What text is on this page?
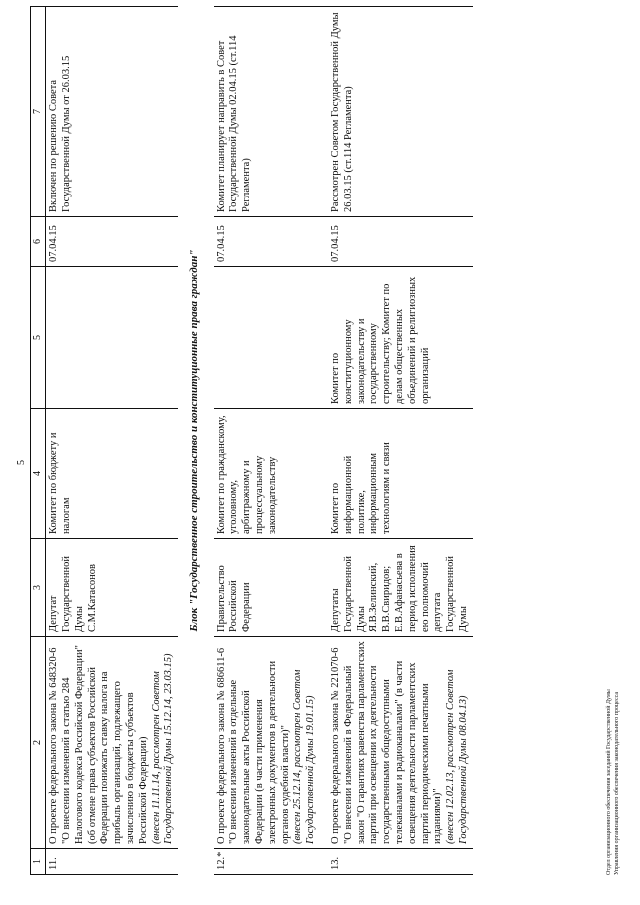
5
1	2	3	4	5	6	7
11.	О проекте федерального закона № 648320-6 "О внесении изменений в статью 284 Налогового кодекса Российской Федерации" (об отмене права субъектов Российской Федерации понижать ставку налога на прибыль организаций, подлежащего зачислению в бюджеты субъектов Российской Федерации) (внесен 11.11.14, рассмотрен Советом Государственной Думы 15.12.14, 23.03.15)	Депутат Государственной Думы С.М.Катасонов	Комитет по бюджету и налогам		07.04.15	Включен по решению Совета Государственной Думы от 26.03.15
Блок "Государственное строительство и конституционные права граждан"						
12.*	О проекте федерального закона № 686611-6 "О внесении изменений в отдельные законодательные акты Российской Федерации (в части применения электронных документов в деятельности органов судебной власти)" (внесен 25.12.14, рассмотрен Советом Государственной Думы 19.01.15)	Правительство Российской Федерации	Комитет по гражданскому, уголовному, арбитражному и процессуальному законодательству		07.04.15	Комитет планирует направить в Совет Государственной Думы 02.04.15 (ст.114 Регламента)
13.	О проекте федерального закона № 221070-6 "О внесении изменений в Федеральный закон "О гарантиях равенства парламентских партий при освещении их деятельности государственными общедоступными телеканалами и радиоканалами" (в части освещения деятельности парламентских партий периодическими печатными изданиями)" (внесен 12.02.13, рассмотрен Советом Государственной Думы 08.04.13)	Депутаты Государственной Думы Я.В.Зелинский, В.В.Свиридов; Е.В.Афанасьева в период исполнения ею полномочий депутата Государственной Думы	Комитет по информационной политике, информационным технологиям и связи	Комитет по конституционному законодательству и государственному строительству; Комитет по делам общественных объединений и религиозных организаций	07.04.15	Рассмотрен Советом Государственной Думы 26.03.15 (ст.114 Регламента)
Отдел организационного обеспечения заседаний Государственной Думы Управления организационного обеспечения законодательного процесса
